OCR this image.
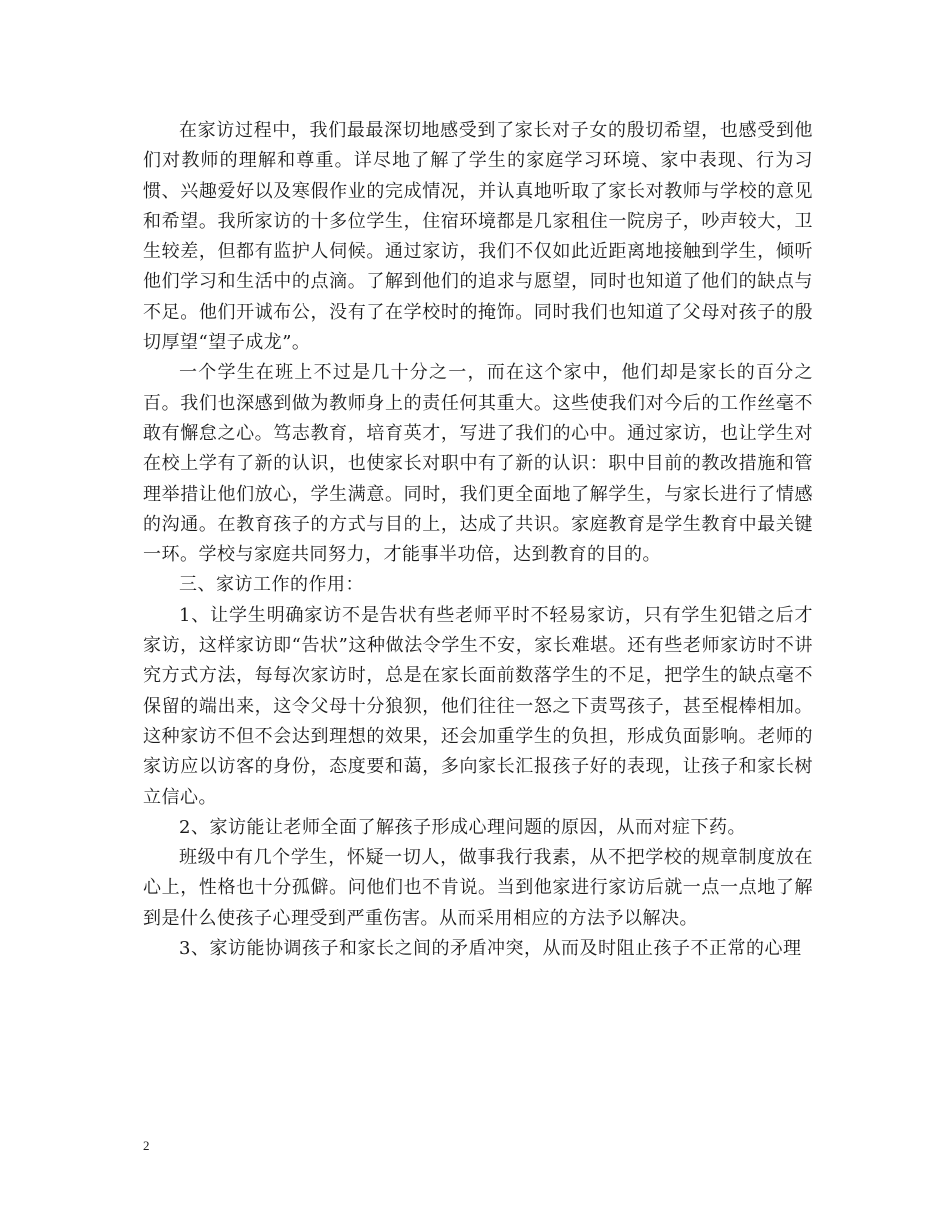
在家访过程中，我们最最深切地感受到了家长对子女的殷切希望，也感受到他们对教师的理解和尊重。详尽地了解了学生的家庭学习环境、家中表现、行为习惯、兴趣爱好以及寒假作业的完成情况，并认真地听取了家长对教师与学校的意见和希望。我所家访的十多位学生，住宿环境都是几家租住一院房子，吵声较大，卫生较差，但都有监护人伺候。通过家访，我们不仅如此近距离地接触到学生，倾听他们学习和生活中的点滴。了解到他们的追求与愿望，同时也知道了他们的缺点与不足。他们开诚布公，没有了在学校时的掩饰。同时我们也知道了父母对孩子的殷切厚望“望子成龙”。

一个学生在班上不过是几十分之一，而在这个家中，他们却是家长的百分之百。我们也深感到做为教师身上的责任何其重大。这些使我们对今后的工作丝毫不敢有懈怠之心。笃志教育，培育英才，写进了我们的心中。通过家访，也让学生对在校上学有了新的认识，也使家长对职中有了新的认识：职中目前的教改措施和管理举措让他们放心，学生满意。同时，我们更全面地了解学生，与家长进行了情感的沟通。在教育孩子的方式与目的上，达成了共识。家庭教育是学生教育中最关键一环。学校与家庭共同努力，才能事半功倍，达到教育的目的。

三、家访工作的作用：

1、让学生明确家访不是告状有些老师平时不轻易家访，只有学生犯错之后才家访，这样家访即“告状”这种做法令学生不安，家长难堪。还有些老师家访时不讲究方式方法，每每次家访时，总是在家长面前数落学生的不足，把学生的缺点毫不保留的端出来，这令父母十分狼狈，他们往往一怒之下责骂孩子，甚至棍棒相加。这种家访不但不会达到理想的效果，还会加重学生的负担，形成负面影响。老师的家访应以访客的身份，态度要和蔼，多向家长汇报孩子好的表现，让孩子和家长树立信心。

2、家访能让老师全面了解孩子形成心理问题的原因，从而对症下药。

班级中有几个学生，怀疑一切人，做事我行我素，从不把学校的规章制度放在心上，性格也十分孤僻。问他们也不肯说。当到他家进行家访后就一点一点地了解到是什么使孩子心理受到严重伤害。从而采用相应的方法予以解决。

3、家访能协调孩子和家长之间的矛盾冲突，从而及时阻止孩子不正常的心理

2
